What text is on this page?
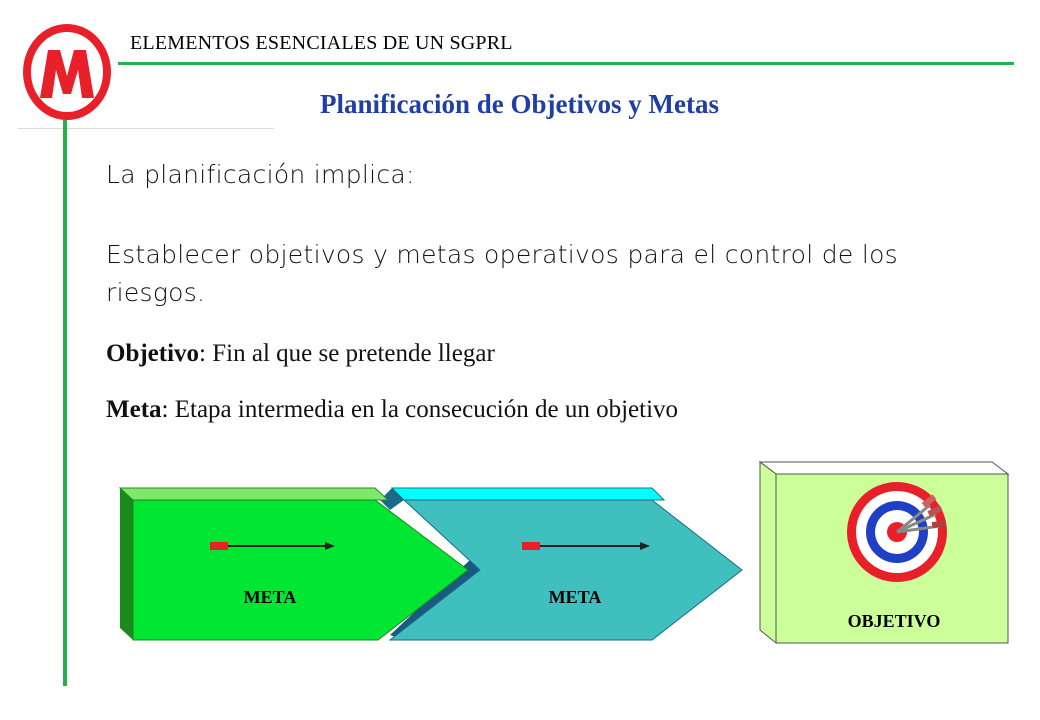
ELEMENTOS ESENCIALES DE UN SGPRL
Planificación de Objetivos y Metas
La planificación implica:
Establecer objetivos y metas operativos para el control de los riesgos.
Objetivo: Fin al que se pretende llegar
Meta: Etapa intermedia en la consecución de un objetivo
META
META
OBJETIVO
